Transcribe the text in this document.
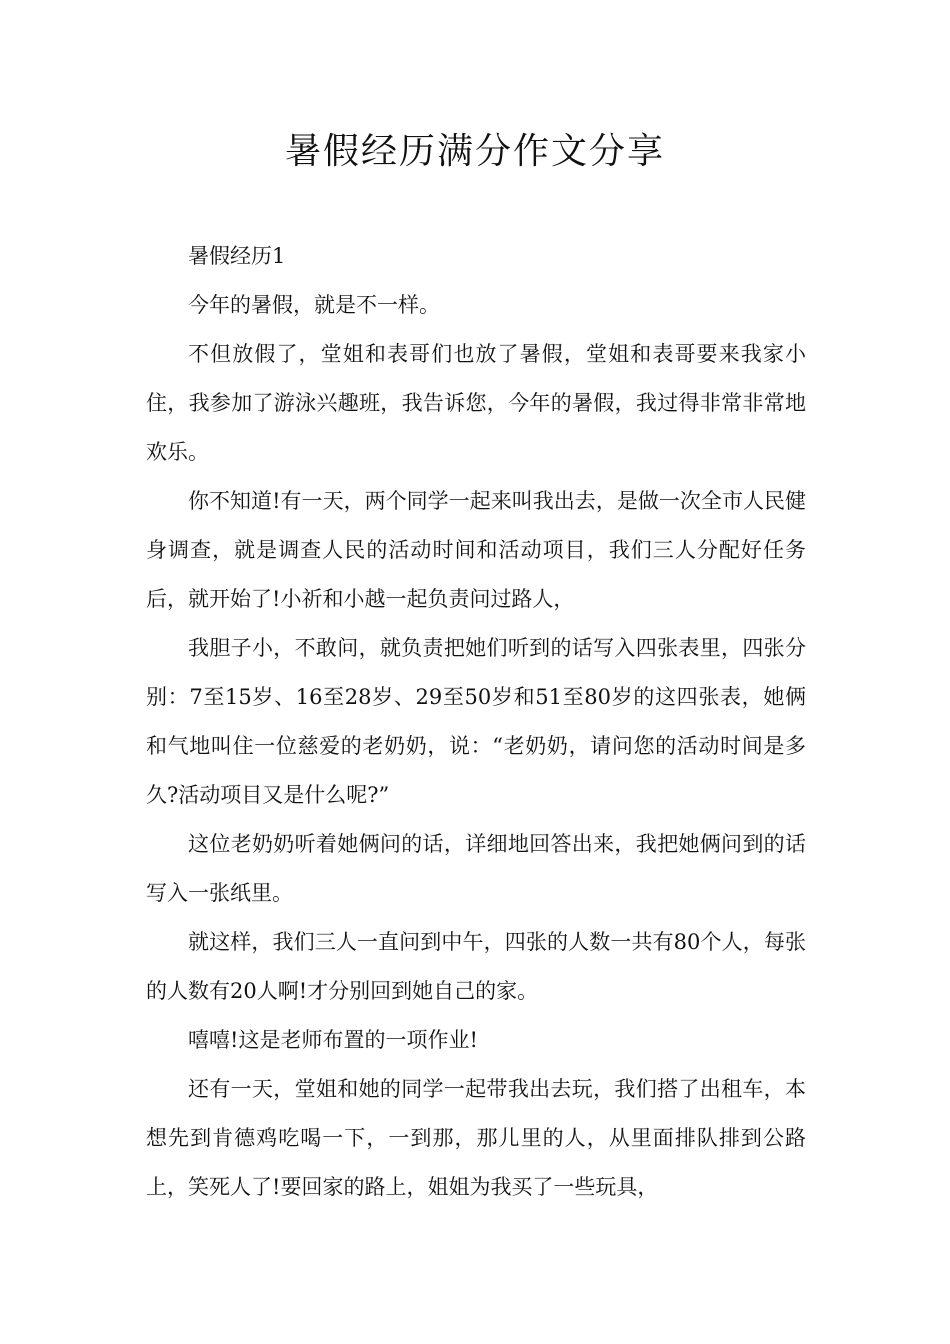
暑假经历满分作文分享

暑假经历1

今年的暑假，就是不一样。

不但放假了，堂姐和表哥们也放了暑假，堂姐和表哥要来我家小住，我参加了游泳兴趣班，我告诉您，今年的暑假，我过得非常非常地欢乐。

你不知道!有一天，两个同学一起来叫我出去，是做一次全市人民健身调查，就是调查人民的活动时间和活动项目，我们三人分配好任务后，就开始了!小祈和小越一起负责问过路人，

我胆子小，不敢问，就负责把她们听到的话写入四张表里，四张分别：7至15岁、16至28岁、29至50岁和51至80岁的这四张表，她俩和气地叫住一位慈爱的老奶奶，说：“老奶奶，请问您的活动时间是多久?活动项目又是什么呢?”

这位老奶奶听着她俩问的话，详细地回答出来，我把她俩问到的话写入一张纸里。

就这样，我们三人一直问到中午，四张的人数一共有80个人，每张的人数有20人啊!才分别回到她自己的家。

嘻嘻!这是老师布置的一项作业!

还有一天，堂姐和她的同学一起带我出去玩，我们搭了出租车，本想先到肯德鸡吃喝一下，一到那，那儿里的人，从里面排队排到公路上，笑死人了!要回家的路上，姐姐为我买了一些玩具，
